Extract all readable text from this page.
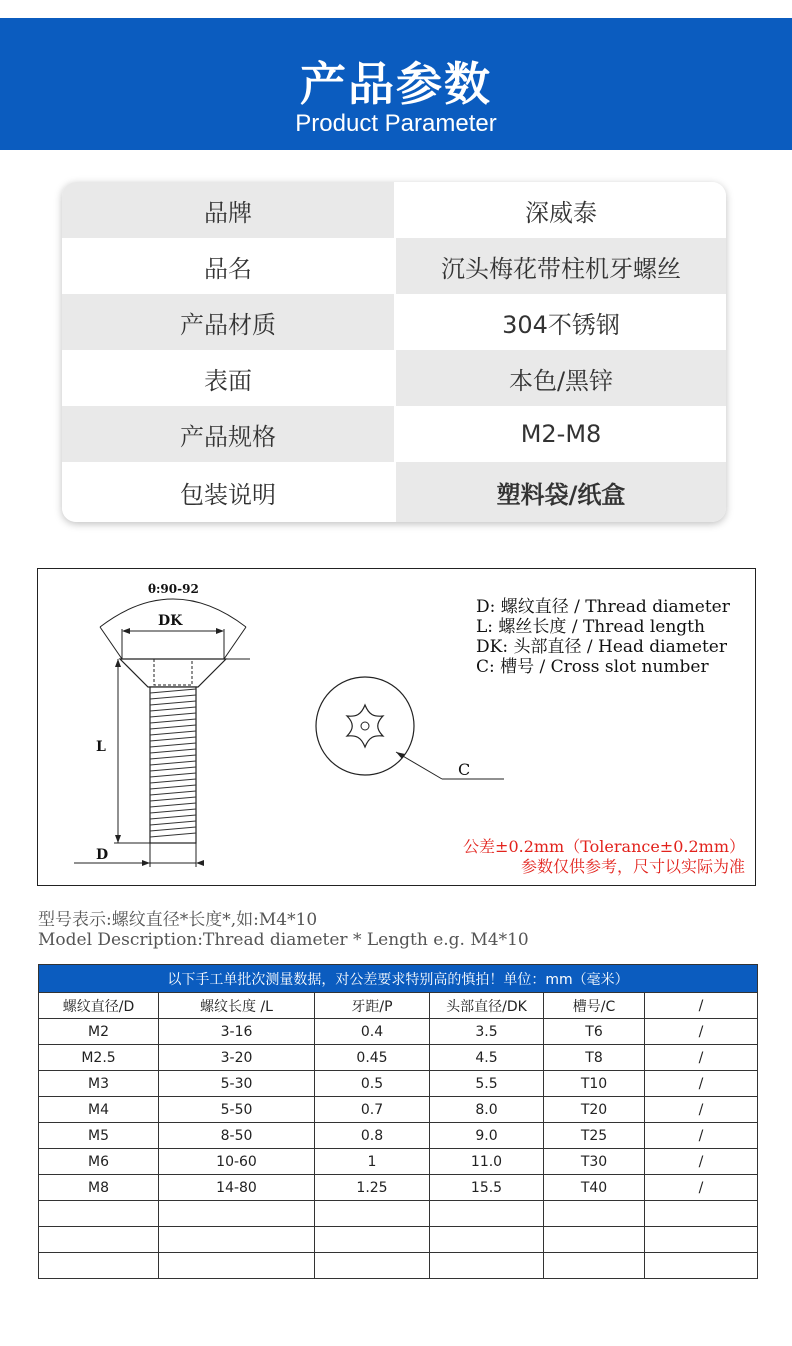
产品参数
Product Parameter
品牌	深威泰
品名	沉头梅花带柱机牙螺丝
产品材质	304不锈钢
表面	本色/黑锌
产品规格	M2-M8
包装说明	塑料袋/纸盒
θ:90-92
DK
L
D
C
D: 螺纹直径 / Thread diameter
L: 螺丝长度 / Thread length
DK: 头部直径 / Head diameter
C: 槽号 / Cross slot number
公差±0.2mm（Tolerance±0.2mm）
参数仅供参考，尺寸以实际为准
型号表示:螺纹直径*长度*,如:M4*10
Model Description:Thread diameter * Length e.g. M4*10
以下手工单批次测量数据，对公差要求特别高的慎拍！单位：mm（毫米）					
螺纹直径/D	螺纹长度 /L	牙距/P	头部直径/DK	槽号/C	/
M2	3-16	0.4	3.5	T6	/
M2.5	3-20	0.45	4.5	T8	/
M3	5-30	0.5	5.5	T10	/
M4	5-50	0.7	8.0	T20	/
M5	8-50	0.8	9.0	T25	/
M6	10-60	1	11.0	T30	/
M8	14-80	1.25	15.5	T40	/
